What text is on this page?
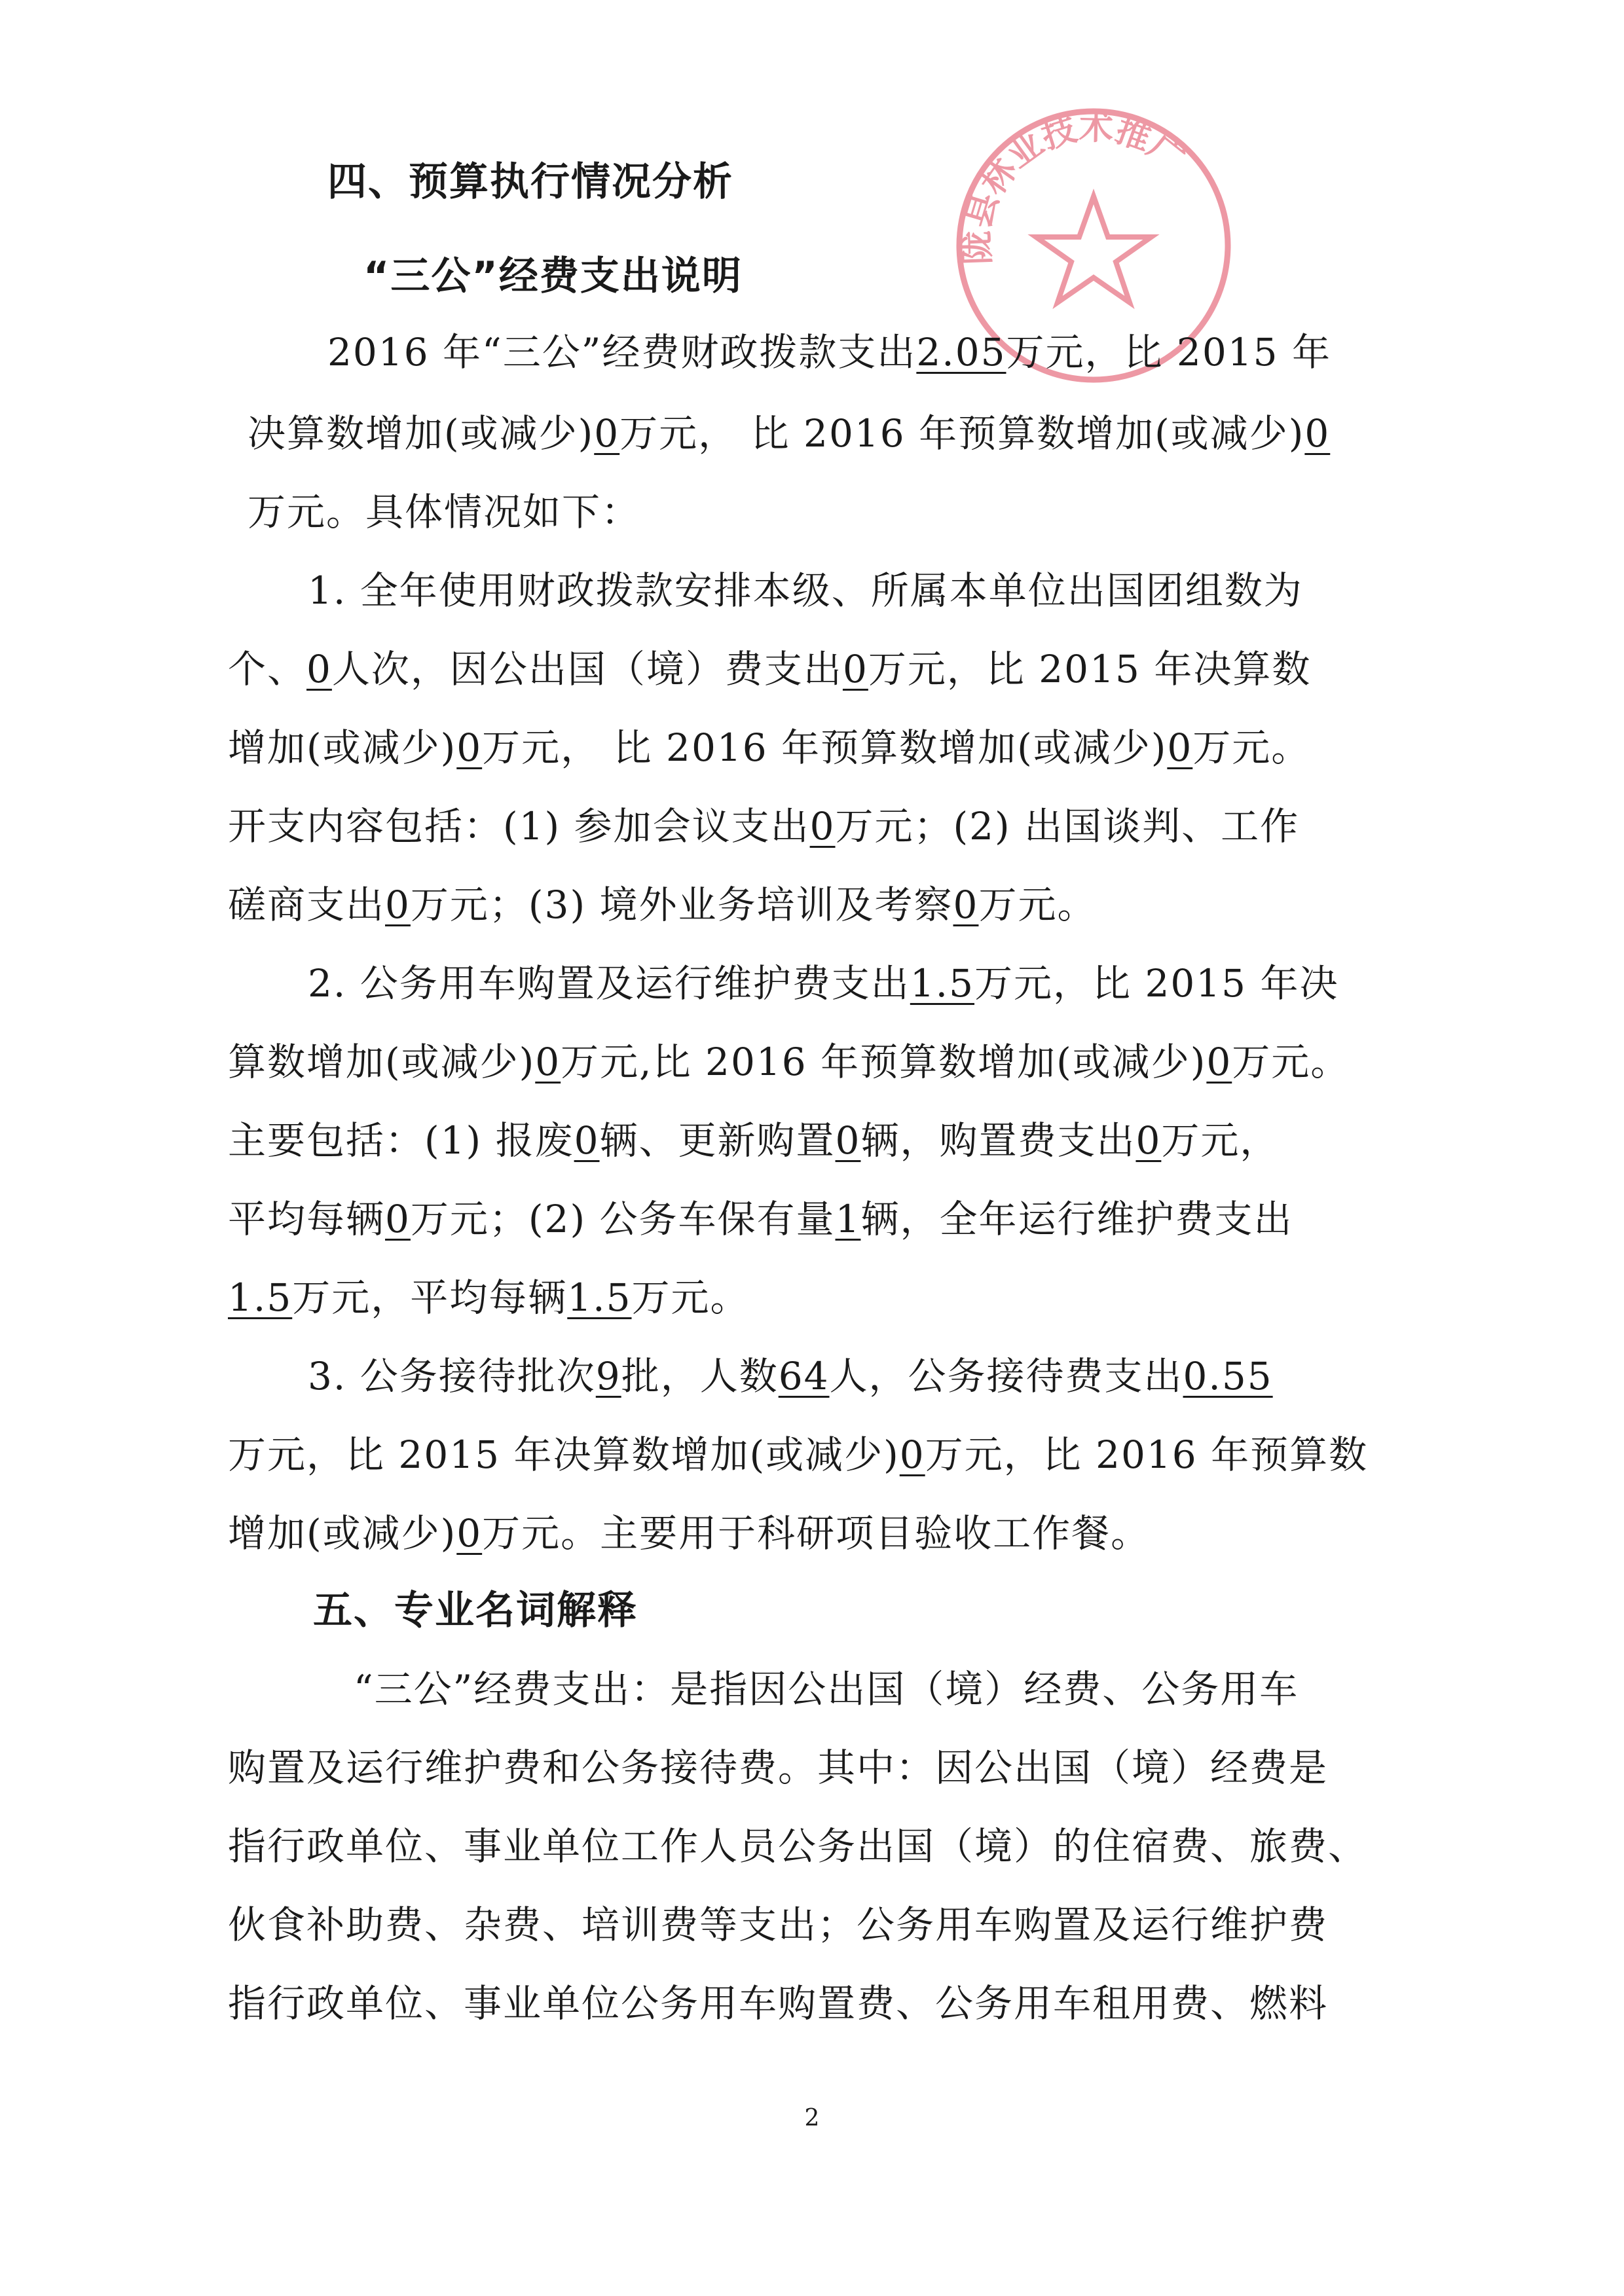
陇县林业技术推广
四、预算执行情况分析
“三公”经费支出说明
2016 年“三公”经费财政拨款支出2.05万元，比 2015 年
决算数增加(或减少)0万元， 比 2016 年预算数增加(或减少)0
万元。具体情况如下：
1. 全年使用财政拨款安排本级、所属本单位出国团组数为
个、0人次，因公出国（境）费支出0万元，比 2015 年决算数
增加(或减少)0万元， 比 2016 年预算数增加(或减少)0万元。
开支内容包括：(1) 参加会议支出0万元；(2) 出国谈判、工作
磋商支出0万元；(3) 境外业务培训及考察0万元。
2. 公务用车购置及运行维护费支出1.5万元，比 2015 年决
算数增加(或减少)0万元,比 2016 年预算数增加(或减少)0万元。
主要包括：(1) 报废0辆、更新购置0辆，购置费支出0万元，
平均每辆0万元；(2) 公务车保有量1辆，全年运行维护费支出
1.5万元，平均每辆1.5万元。
3. 公务接待批次9批，人数64人，公务接待费支出0.55
万元，比 2015 年决算数增加(或减少)0万元，比 2016 年预算数
增加(或减少)0万元。主要用于科研项目验收工作餐。
五、专业名词解释
“三公”经费支出：是指因公出国（境）经费、公务用车
购置及运行维护费和公务接待费。其中：因公出国（境）经费是
指行政单位、事业单位工作人员公务出国（境）的住宿费、旅费、
伙食补助费、杂费、培训费等支出；公务用车购置及运行维护费
指行政单位、事业单位公务用车购置费、公务用车租用费、燃料
2
